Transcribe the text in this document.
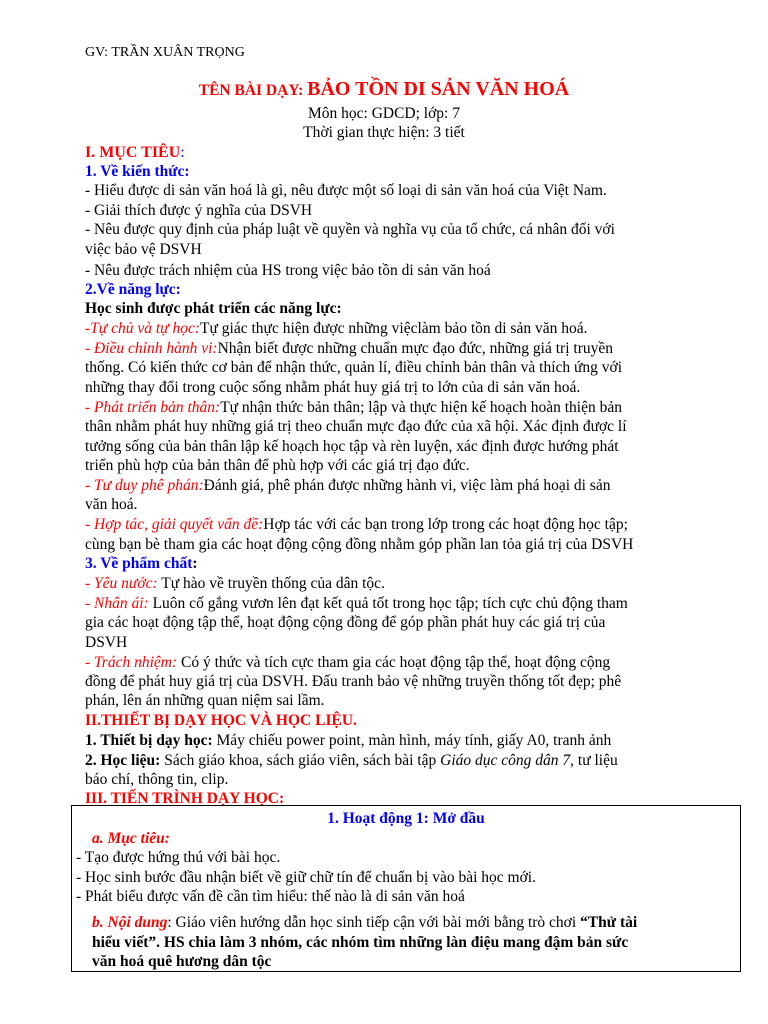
GV: TRẦN XUÂN TRỌNG
TÊN BÀI DẠY: BẢO TỒN DI SẢN VĂN HOÁ
Môn học: GDCD; lớp: 7
Thời gian thực hiện: 3 tiết
I. MỤC TIÊU:
1. Về kiến thức:
- Hiểu được di sản văn hoá là gì, nêu được một số loại di sản văn hoá của Việt Nam.
- Giải thích được ý nghĩa của DSVH
- Nêu được quy định của pháp luật về quyền và nghĩa vụ của tổ chức, cá nhân đối với
việc bảo vệ DSVH
- Nêu được trách nhiệm của HS trong việc bảo tồn di sản văn hoá
2.Về năng lực:
Học sinh được phát triển các năng lực:
-Tự chủ và tự học:Tự giác thực hiện được những việclàm bảo tồn di sản văn hoá.
- Điều chỉnh hành vi:Nhận biết được những chuẩn mực đạo đức, những giá trị truyền
thống. Có kiến thức cơ bản để nhận thức, quản lí, điều chỉnh bản thân và thích ứng với
những thay đổi trong cuộc sống nhằm phát huy giá trị to lớn của di sản văn hoá.
- Phát triển bản thân:Tự nhận thức bản thân; lập và thực hiện kế hoạch hoàn thiện bản
thân nhằm phát huy những giá trị theo chuẩn mực đạo đức của xã hội. Xác định được lí
tưởng sống của bản thân lập kế hoạch học tập và rèn luyện, xác định được hướng phát
triển phù hợp của bản thân để phù hợp với các giá trị đạo đức.
- Tư duy phê phán:Đánh giá, phê phán được những hành vi, việc làm phá hoại di sản
văn hoá.
- Hợp tác, giải quyết vấn đề:Hợp tác với các bạn trong lớp trong các hoạt động học tập;
cùng bạn bè tham gia các hoạt động cộng đồng nhằm góp phần lan tỏa giá trị của DSVH
3. Về phẩm chất:
- Yêu nước: Tự hào về truyền thống của dân tộc.
- Nhân ái: Luôn cố gắng vươn lên đạt kết quả tốt trong học tập; tích cực chủ động tham
gia các hoạt động tập thể, hoạt động cộng đồng để góp phần phát huy các giá trị của
DSVH
- Trách nhiệm: Có ý thức và tích cực tham gia các hoạt động tập thể, hoạt động cộng
đồng để phát huy giá trị của DSVH. Đấu tranh bảo vệ những truyền thống tốt đẹp; phê
phán, lên án những quan niệm sai lầm.
II.THIẾT BỊ DẠY HỌC VÀ HỌC LIỆU.
1. Thiết bị dạy học: Máy chiếu power point, màn hình, máy tính, giấy A0, tranh ảnh
2. Học liệu: Sách giáo khoa, sách giáo viên, sách bài tập Giáo dục công dân 7, tư liệu
báo chí, thông tin, clip.
III. TIẾN TRÌNH DẠY HỌC:
1. Hoạt động 1: Mở đầu
a. Mục tiêu:
- Tạo được hứng thú với bài học.
- Học sinh bước đầu nhận biết về giữ chữ tín để chuẩn bị vào bài học mới.
- Phát biểu được vấn đề cần tìm hiểu: thế nào là di sản văn hoá
b. Nội dung: Giáo viên hướng dẫn học sinh tiếp cận với bài mới bằng trò chơi “Thử tài
hiểu viết”. HS chia làm 3 nhóm, các nhóm tìm những làn điệu mang đậm bản sức
văn hoá quê hương dân tộc
